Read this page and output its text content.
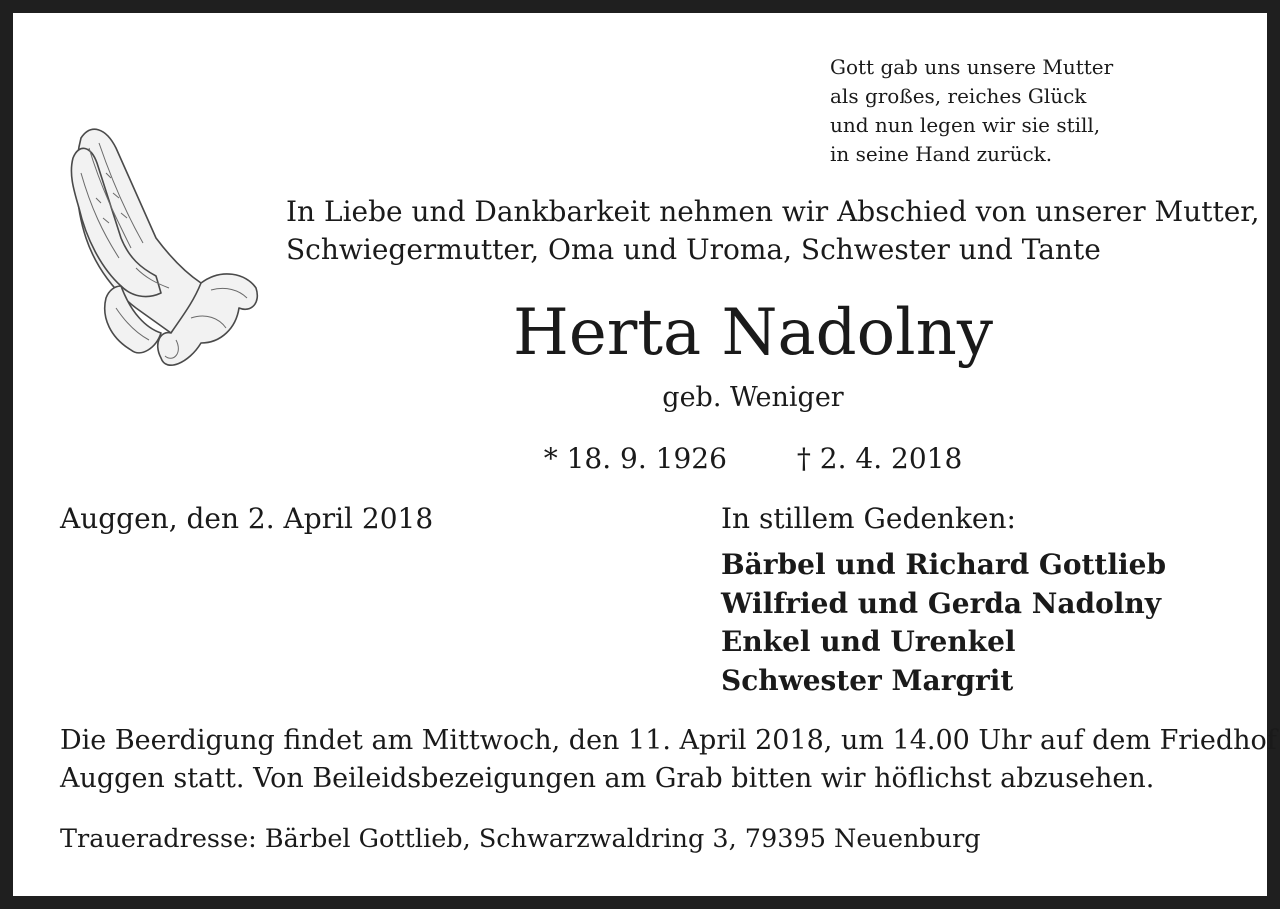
Gott gab uns unsere Mutter
als großes, reiches Glück
und nun legen wir sie still,
in seine Hand zurück.
In Liebe und Dankbarkeit nehmen wir Abschied von unserer Mutter,
Schwiegermutter, Oma und Uroma, Schwester und Tante
Herta Nadolny
geb. Weniger
* 18. 9. 1926	† 2. 4. 2018
Auggen, den 2. April 2018	In stillem Gedenken:
Bärbel und Richard Gottlieb
Wilfried und Gerda Nadolny
Enkel und Urenkel
Schwester Margrit
Die Beerdigung findet am Mittwoch, den 11. April 2018, um 14.00 Uhr auf dem Friedhof
Auggen statt. Von Beileidsbezeigungen am Grab bitten wir höflichst abzusehen.
Traueradresse: Bärbel Gottlieb, Schwarzwaldring 3, 79395 Neuenburg
